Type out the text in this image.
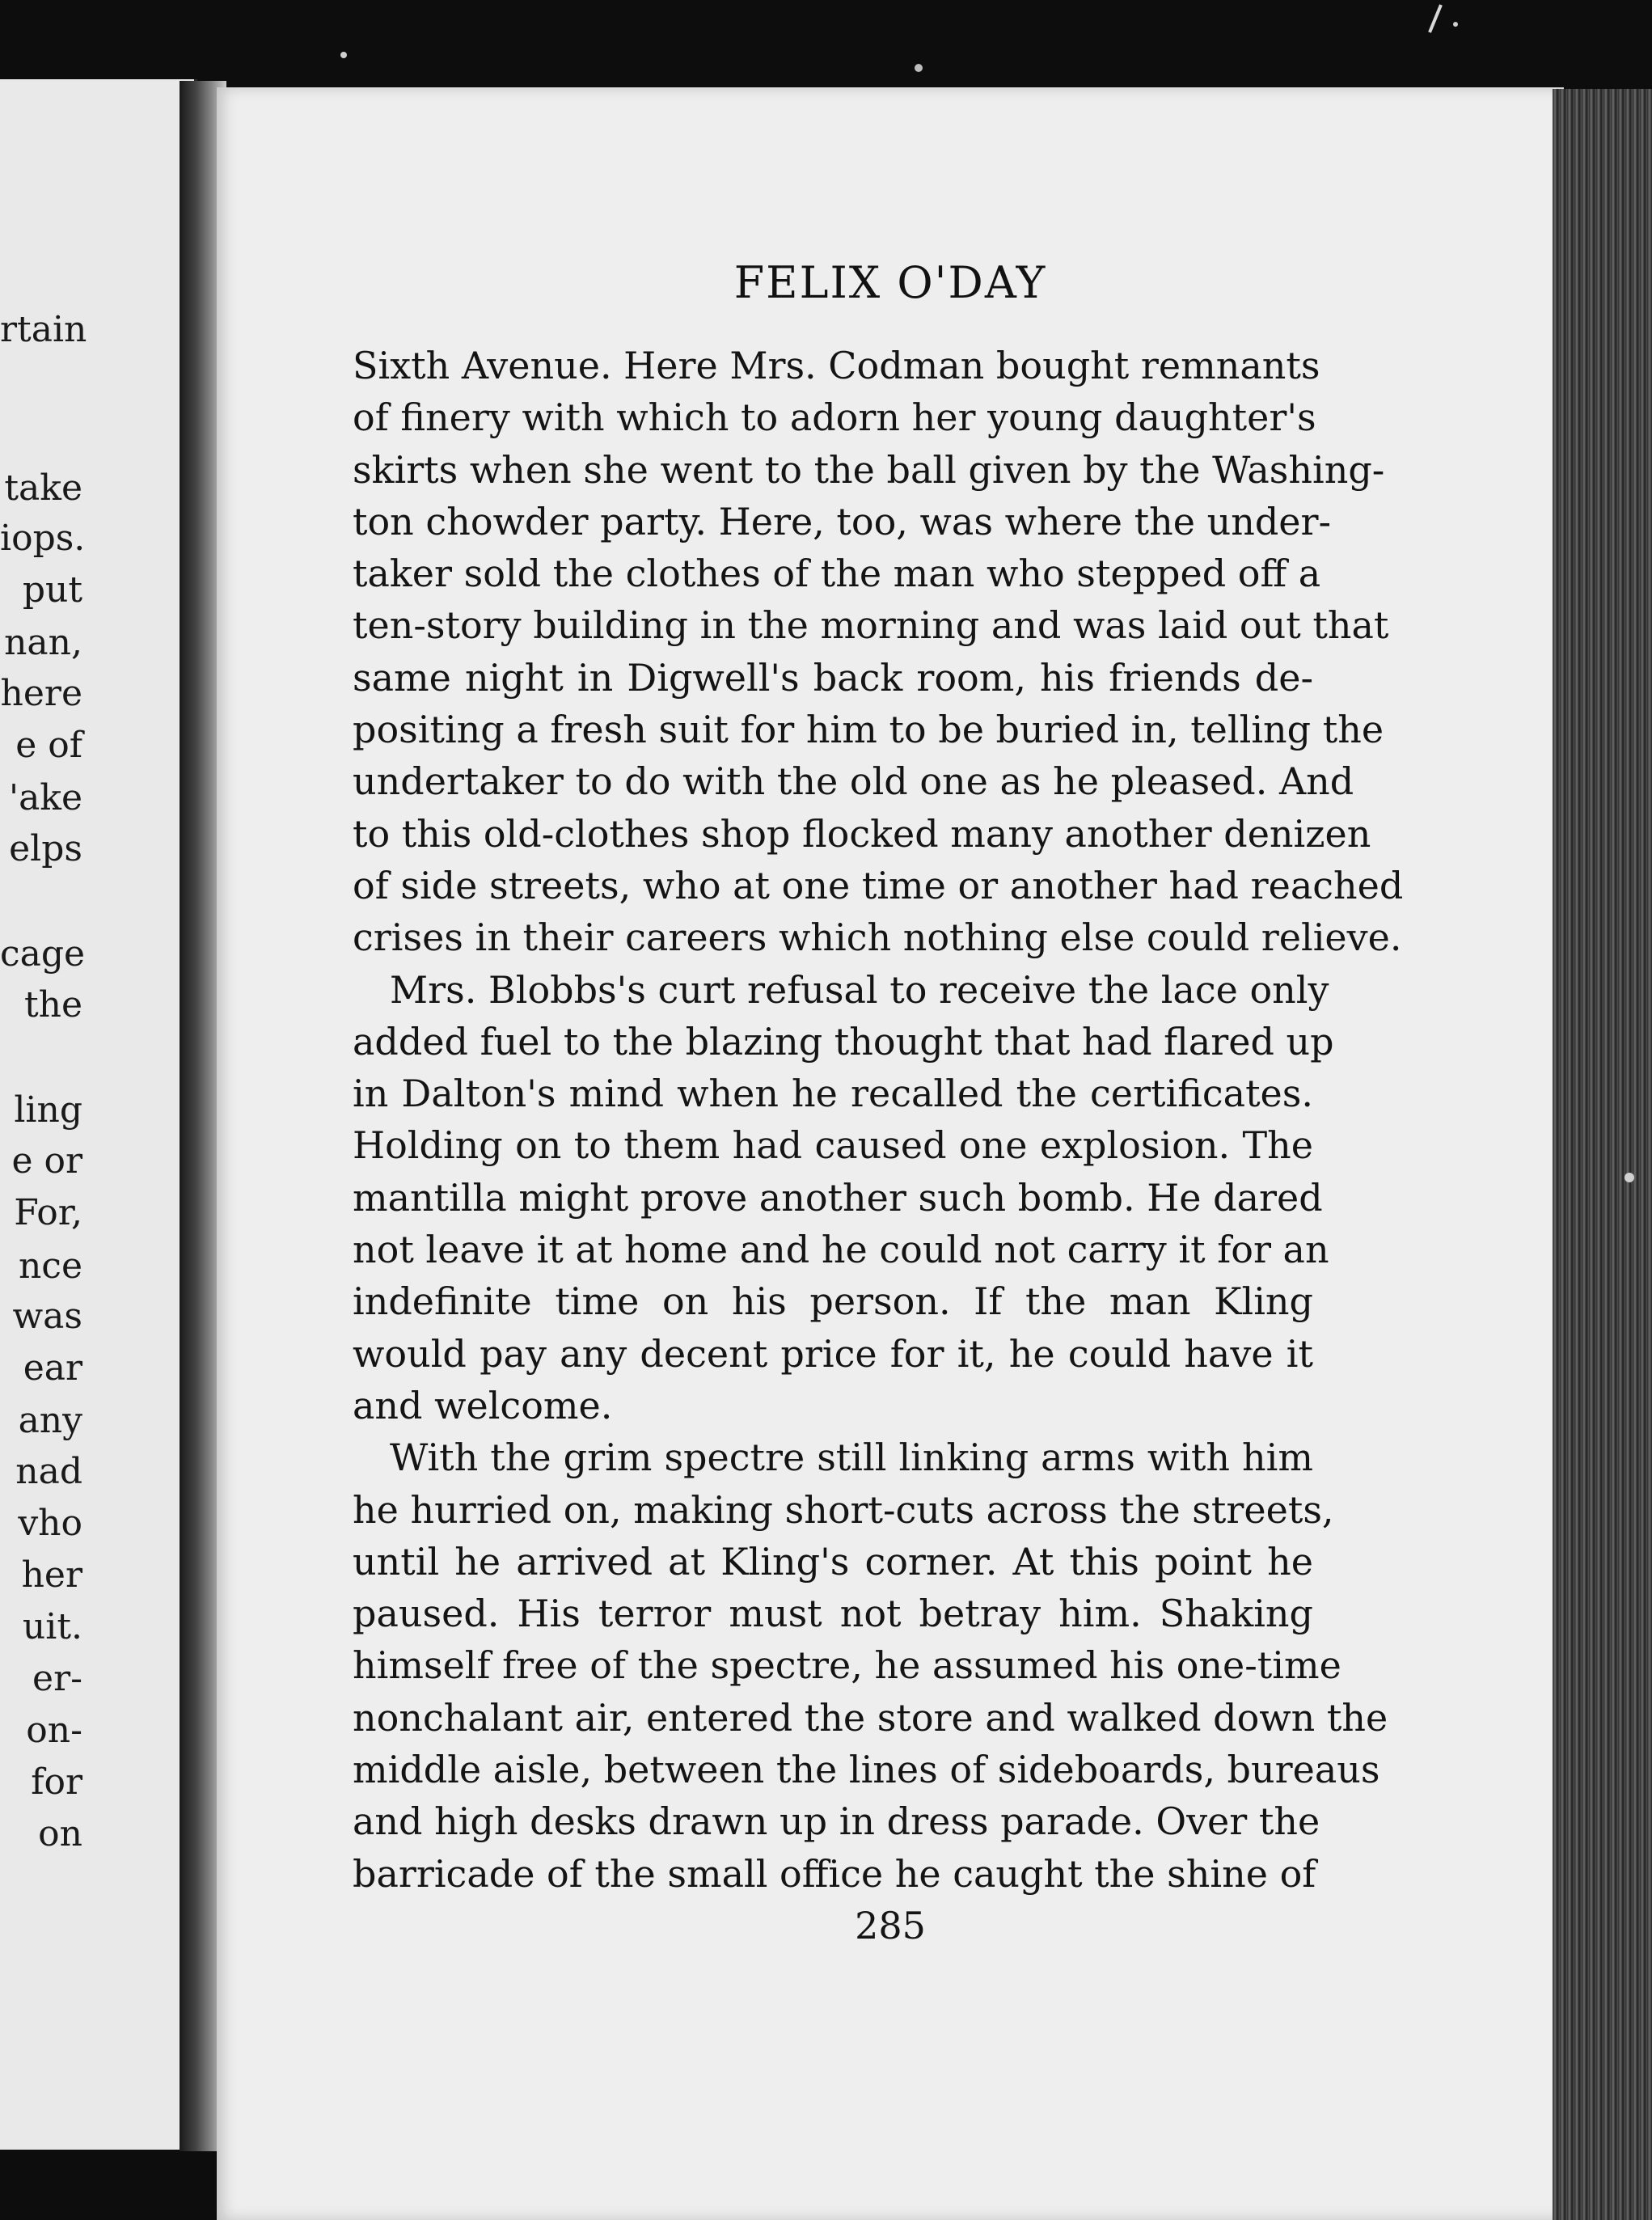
rtain
take
iops.
put
nan,
here
e of
'ake
elps
cage
the
ling
e or
For,
nce
was
ear
any
nad
vho
her
uit.
er-
on-
for
on
FELIX O'DAY
Sixth Avenue. Here Mrs. Codman bought remnants
of finery with which to adorn her young daughter's
skirts when she went to the ball given by the Washing-
ton chowder party. Here, too, was where the under-
taker sold the clothes of the man who stepped off a
ten-story building in the morning and was laid out that
same night in Digwell's back room, his friends de-
positing a fresh suit for him to be buried in, telling the
undertaker to do with the old one as he pleased. And
to this old-clothes shop flocked many another denizen
of side streets, who at one time or another had reached
crises in their careers which nothing else could relieve.
Mrs. Blobbs's curt refusal to receive the lace only
added fuel to the blazing thought that had flared up
in Dalton's mind when he recalled the certificates.
Holding on to them had caused one explosion. The
mantilla might prove another such bomb. He dared
not leave it at home and he could not carry it for an
indefinite time on his person. If the man Kling
would pay any decent price for it, he could have it
and welcome.
With the grim spectre still linking arms with him
he hurried on, making short-cuts across the streets,
until he arrived at Kling's corner. At this point he
paused. His terror must not betray him. Shaking
himself free of the spectre, he assumed his one-time
nonchalant air, entered the store and walked down the
middle aisle, between the lines of sideboards, bureaus
and high desks drawn up in dress parade. Over the
barricade of the small office he caught the shine of
285
